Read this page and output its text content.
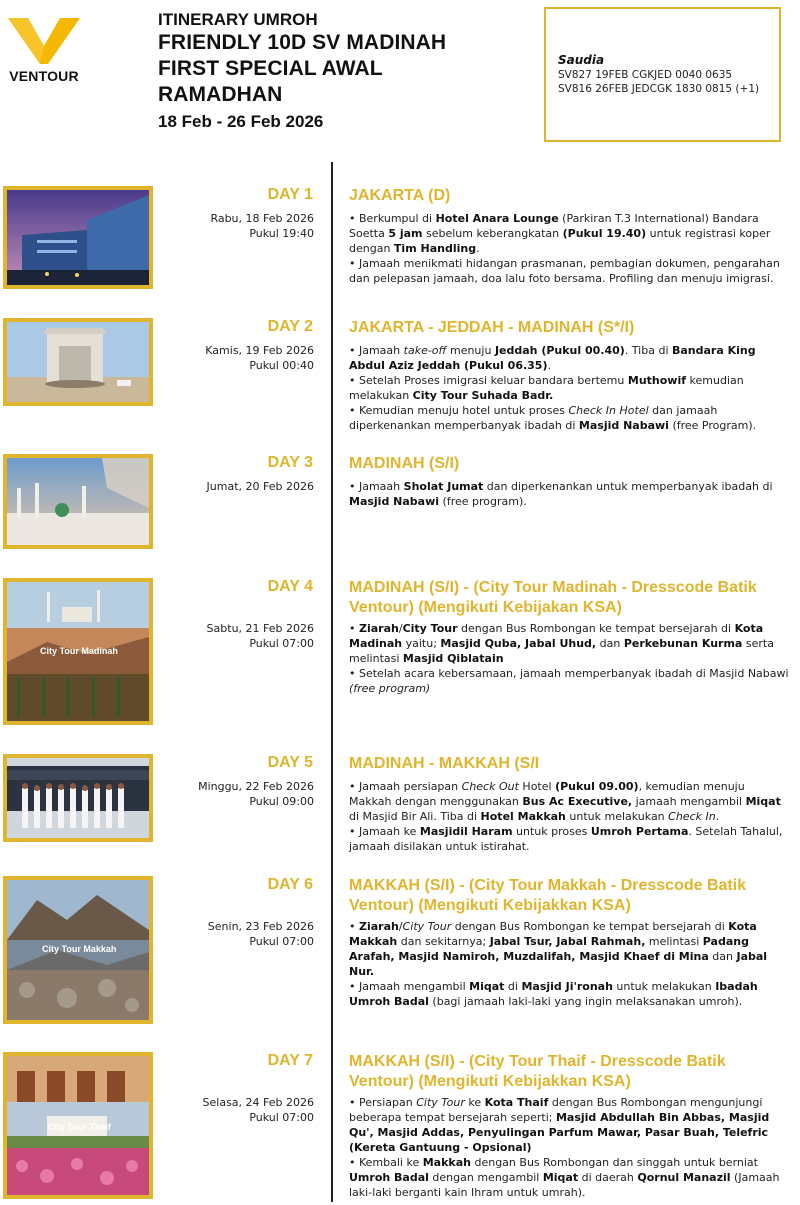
VENTOUR
ITINERARY UMROH
FRIENDLY 10D SV MADINAH
FIRST SPECIAL AWAL
RAMADHAN
18 Feb - 26 Feb 2026
Saudia
SV827 19FEB CGKJED 0040 0635
SV816 26FEB JEDCGK 1830 0815 (+1)
DAY 1
Rabu, 18 Feb 2026
Pukul 19:40
JAKARTA (D)

• Berkumpul di Hotel Anara Lounge (Parkiran T.3 International) Bandara Soetta 5 jam sebelum keberangkatan (Pukul 19.40) untuk registrasi koper dengan Tim Handling.

• Jamaah menikmati hidangan prasmanan, pembagian dokumen, pengarahan dan pelepasan jamaah, doa lalu foto bersama. Profiling dan menuju imigrasi.

DAY 2
Kamis, 19 Feb 2026
Pukul 00:40
JAKARTA - JEDDAH - MADINAH (S*/I)

• Jamaah take-off menuju Jeddah (Pukul 00.40). Tiba di Bandara King Abdul Aziz Jeddah (Pukul 06.35).

• Setelah Proses imigrasi keluar bandara bertemu Muthowif kemudian melakukan City Tour Suhada Badr.

• Kemudian menuju hotel untuk proses Check In Hotel dan jamaah diperkenankan memperbanyak ibadah di Masjid Nabawi (free Program).

DAY 3
Jumat, 20 Feb 2026
MADINAH (S/I)

• Jamaah Sholat Jumat dan diperkenankan untuk memperbanyak ibadah di Masjid Nabawi (free program).

City Tour Madinah
DAY 4
Sabtu, 21 Feb 2026
Pukul 07:00
MADINAH (S/I) - (City Tour Madinah - Dresscode Batik Ventour) (Mengikuti Kebijakan KSA)

• Ziarah/City Tour dengan Bus Rombongan ke tempat bersejarah di Kota Madinah yaitu; Masjid Quba, Jabal Uhud, dan Perkebunan Kurma serta melintasi Masjid Qiblatain

• Setelah acara kebersamaan, jamaah memperbanyak ibadah di Masjid Nabawi (free program)

DAY 5
Minggu, 22 Feb 2026
Pukul 09:00
MADINAH - MAKKAH (S/I

• Jamaah persiapan Check Out Hotel (Pukul 09.00), kemudian menuju Makkah dengan menggunakan Bus Ac Executive, jamaah mengambil Miqat di Masjid Bir Ali. Tiba di Hotel Makkah untuk melakukan Check In.

• Jamaah ke Masjidil Haram untuk proses Umroh Pertama. Setelah Tahalul, jamaah disilakan untuk istirahat.

City Tour Makkah
DAY 6
Senin, 23 Feb 2026
Pukul 07:00
MAKKAH (S/I) - (City Tour Makkah - Dresscode Batik Ventour) (Mengikuti Kebijakkan KSA)

• Ziarah/City Tour dengan Bus Rombongan ke tempat bersejarah di Kota Makkah dan sekitarnya; Jabal Tsur, Jabal Rahmah, melintasi Padang Arafah, Masjid Namiroh, Muzdalifah, Masjid Khaef di Mina dan Jabal Nur.

• Jamaah mengambil Miqat di Masjid Ji'ronah untuk melakukan Ibadah Umroh Badal (bagi jamaah laki-laki yang ingin melaksanakan umroh).

City Tour Thaif
DAY 7
Selasa, 24 Feb 2026
Pukul 07:00
MAKKAH (S/I) - (City Tour Thaif - Dresscode Batik Ventour) (Mengikuti Kebijakkan KSA)

• Persiapan City Tour ke Kota Thaif dengan Bus Rombongan mengunjungi beberapa tempat bersejarah seperti; Masjid Abdullah Bin Abbas, Masjid Qu', Masjid Addas, Penyulingan Parfum Mawar, Pasar Buah, Telefric (Kereta Gantuung - Opsional)

• Kembali ke Makkah dengan Bus Rombongan dan singgah untuk berniat Umroh Badal dengan mengambil Miqat di daerah Qornul Manazil (Jamaah laki-laki berganti kain Ihram untuk umrah).
